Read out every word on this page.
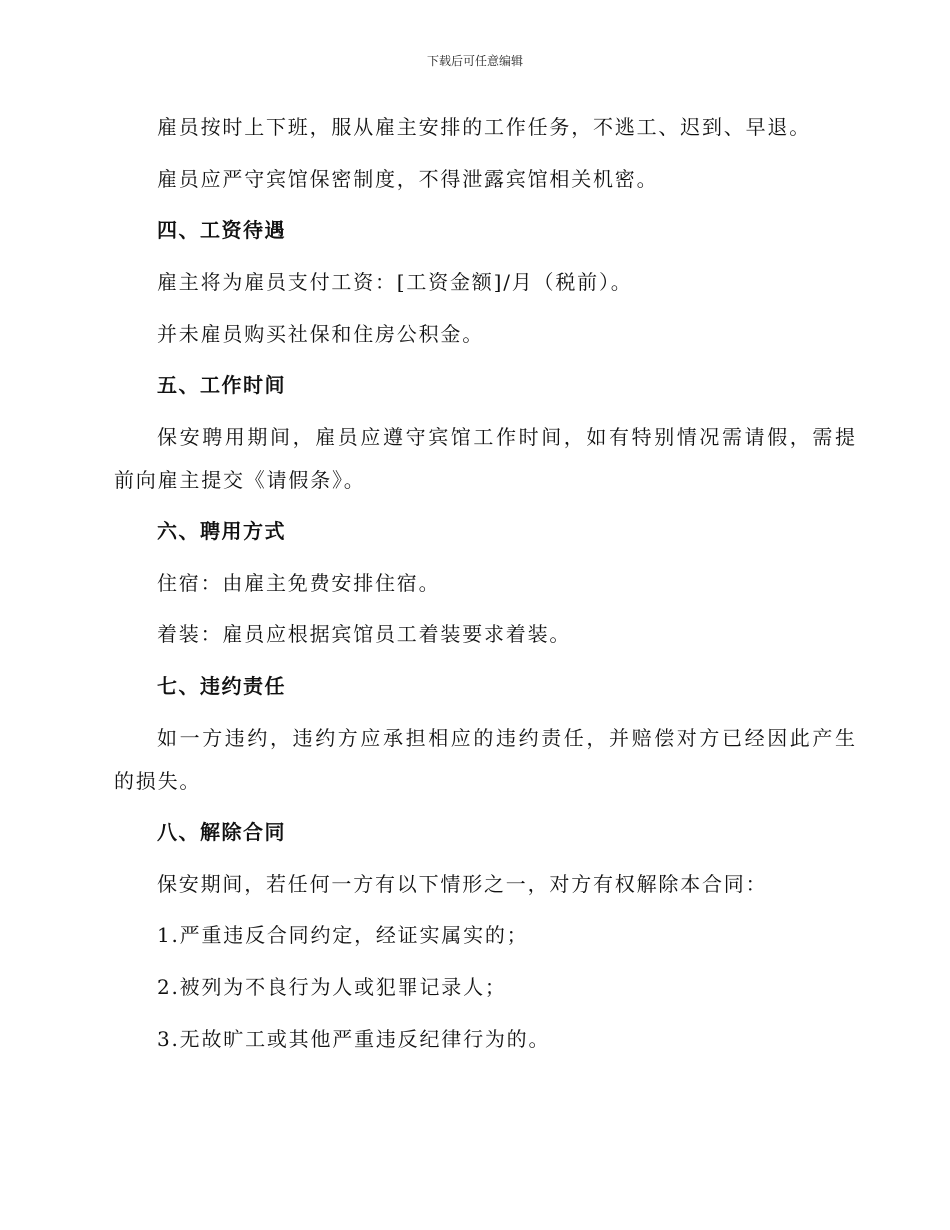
下载后可任意编辑
雇员按时上下班，服从雇主安排的工作任务，不逃工、迟到、早退。
雇员应严守宾馆保密制度，不得泄露宾馆相关机密。
四、工资待遇
雇主将为雇员支付工资：[工资金额]/月（税前）。
并未雇员购买社保和住房公积金。
五、工作时间
保安聘用期间，雇员应遵守宾馆工作时间，如有特别情况需请假，需提
前向雇主提交《请假条》。
六、聘用方式
住宿：由雇主免费安排住宿。
着装：雇员应根据宾馆员工着装要求着装。
七、违约责任
如一方违约，违约方应承担相应的违约责任，并赔偿对方已经因此产生
的损失。
八、解除合同
保安期间，若任何一方有以下情形之一，对方有权解除本合同：
1.严重违反合同约定，经证实属实的；
2.被列为不良行为人或犯罪记录人；
3.无故旷工或其他严重违反纪律行为的。
